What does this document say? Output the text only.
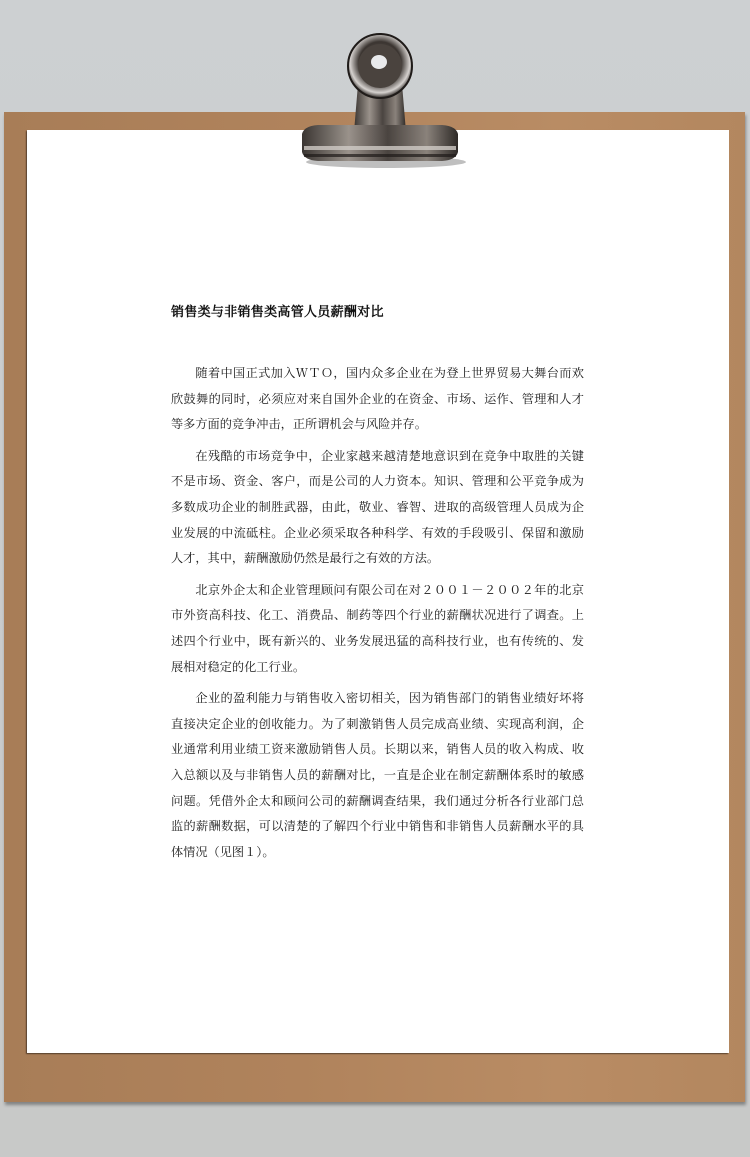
销售类与非销售类高管人员薪酬对比

随着中国正式加入ＷＴＯ，国内众多企业在为登上世界贸易大舞台而欢欣鼓舞的同时，必须应对来自国外企业的在资金、市场、运作、管理和人才等多方面的竞争冲击，正所谓机会与风险并存。

在残酷的市场竞争中，企业家越来越清楚地意识到在竞争中取胜的关键不是市场、资金、客户，而是公司的人力资本。知识、管理和公平竞争成为多数成功企业的制胜武器，由此，敬业、睿智、进取的高级管理人员成为企业发展的中流砥柱。企业必须采取各种科学、有效的手段吸引、保留和激励人才，其中，薪酬激励仍然是最行之有效的方法。

北京外企太和企业管理顾问有限公司在对２００１－２００２年的北京市外资高科技、化工、消费品、制药等四个行业的薪酬状况进行了调查。上述四个行业中，既有新兴的、业务发展迅猛的高科技行业，也有传统的、发展相对稳定的化工行业。

企业的盈利能力与销售收入密切相关，因为销售部门的销售业绩好坏将直接决定企业的创收能力。为了刺激销售人员完成高业绩、实现高利润，企业通常利用业绩工资来激励销售人员。长期以来，销售人员的收入构成、收入总额以及与非销售人员的薪酬对比，一直是企业在制定薪酬体系时的敏感问题。凭借外企太和顾问公司的薪酬调查结果，我们通过分析各行业部门总监的薪酬数据，可以清楚的了解四个行业中销售和非销售人员薪酬水平的具体情况（见图１）。
